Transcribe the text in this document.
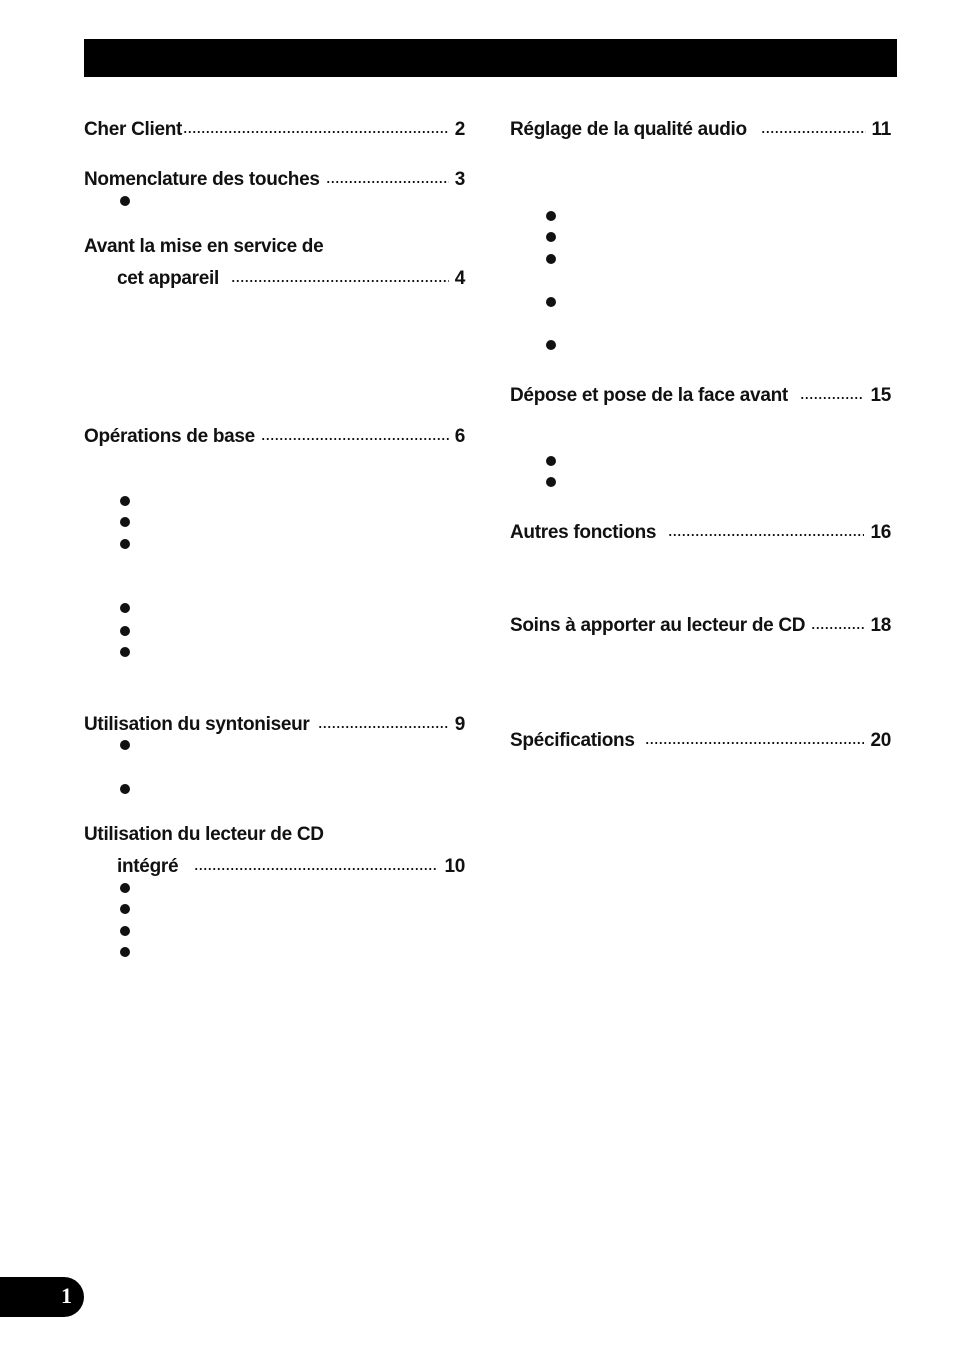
Cher Client	2
Nomenclature des touches	3
Avant la mise en service de
cet appareil	4
Opérations de base	6
Utilisation du syntoniseur	9
Utilisation du lecteur de CD
intégré	10
Réglage de la qualité audio	11
Dépose et pose de la face avant	15
Autres fonctions	16
Soins à apporter au lecteur de CD	18
Spécifications	20
1
